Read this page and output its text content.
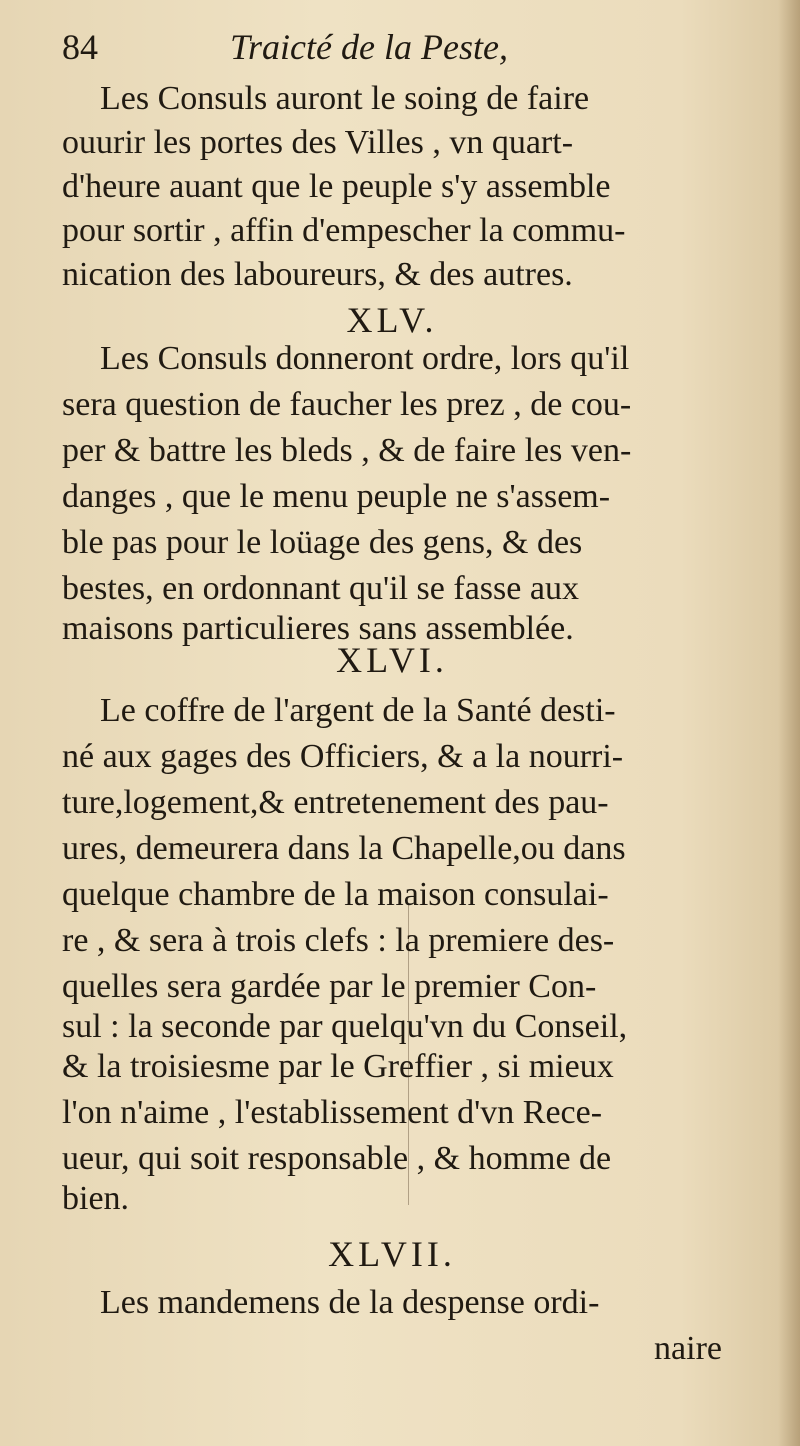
84	Traicté de la Peste,
Les Consuls auront le soing de faire
ouurir les portes des Villes , vn quart-
d'heure auant que le peuple s'y assemble
pour sortir , affin d'empescher la commu-
nication des laboureurs, & des autres.
XLV.
Les Consuls donneront ordre, lors qu'il
sera question de faucher les prez , de cou-
per & battre les bleds , & de faire les ven-
danges , que le menu peuple ne s'assem-
ble pas pour le loüage des gens, & des
bestes, en ordonnant qu'il se fasse aux
maisons particulieres sans assemblée.
XLVI.
Le coffre de l'argent de la Santé desti-
né aux gages des Officiers, & a la nourri-
ture,logement,& entretenement des pau-
ures, demeurera dans la Chapelle,ou dans
quelque chambre de la maison consulai-
re , & sera à trois clefs : la premiere des-
quelles sera gardée par le premier Con-
sul : la seconde par quelqu'vn du Conseil,
& la troisiesme par le Greffier , si mieux
l'on n'aime , l'establissement d'vn Rece-
ueur, qui soit responsable , & homme de
bien.
XLVII.
Les mandemens de la despense ordi-
naire
